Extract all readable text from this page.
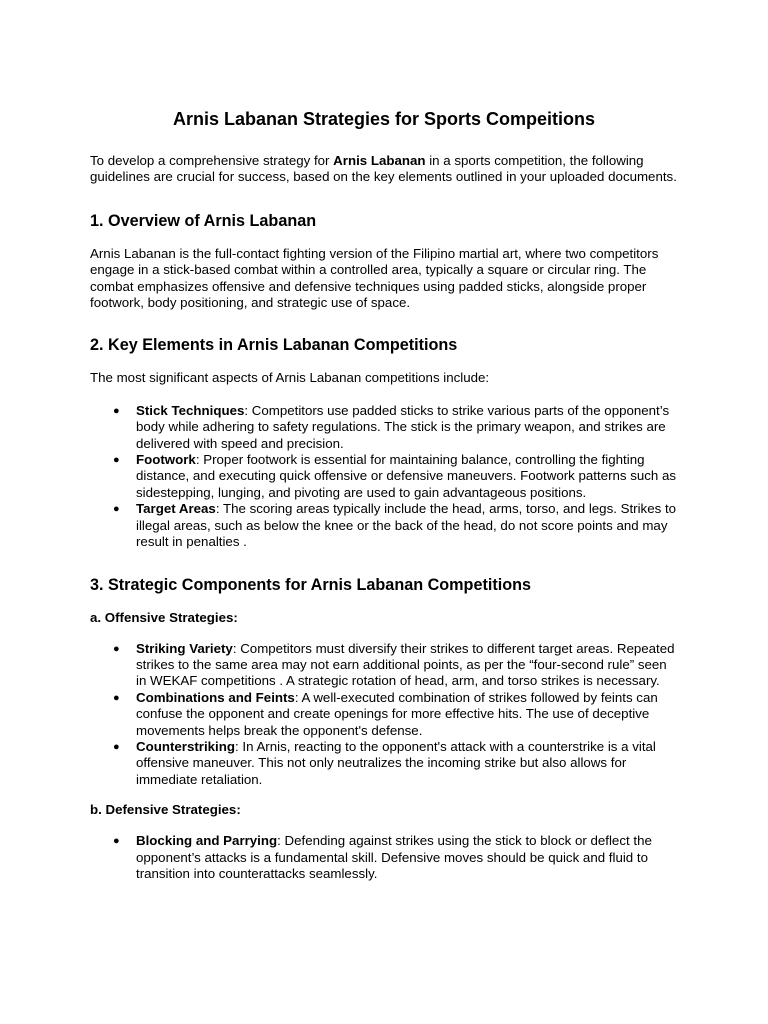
Arnis Labanan Strategies for Sports Compeitions

To develop a comprehensive strategy for Arnis Labanan in a sports competition, the following guidelines are crucial for success, based on the key elements outlined in your uploaded documents.

1. Overview of Arnis Labanan

Arnis Labanan is the full-contact fighting version of the Filipino martial art, where two competitors engage in a stick-based combat within a controlled area, typically a square or circular ring. The combat emphasizes offensive and defensive techniques using padded sticks, alongside proper footwork, body positioning, and strategic use of space.

2. Key Elements in Arnis Labanan Competitions

The most significant aspects of Arnis Labanan competitions include:

● Stick Techniques: Competitors use padded sticks to strike various parts of the opponent’s body while adhering to safety regulations. The stick is the primary weapon, and strikes are delivered with speed and precision.
● Footwork: Proper footwork is essential for maintaining balance, controlling the fighting distance, and executing quick offensive or defensive maneuvers. Footwork patterns such as sidestepping, lunging, and pivoting are used to gain advantageous positions.
● Target Areas: The scoring areas typically include the head, arms, torso, and legs. Strikes to illegal areas, such as below the knee or the back of the head, do not score points and may result in penalties .
3. Strategic Components for Arnis Labanan Competitions
a. Offensive Strategies:
● Striking Variety: Competitors must diversify their strikes to different target areas. Repeated strikes to the same area may not earn additional points, as per the “four-second rule” seen in WEKAF competitions . A strategic rotation of head, arm, and torso strikes is necessary.
● Combinations and Feints: A well-executed combination of strikes followed by feints can confuse the opponent and create openings for more effective hits. The use of deceptive movements helps break the opponent's defense.
● Counterstriking: In Arnis, reacting to the opponent's attack with a counterstrike is a vital offensive maneuver. This not only neutralizes the incoming strike but also allows for immediate retaliation.
b. Defensive Strategies:
● Blocking and Parrying: Defending against strikes using the stick to block or deflect the opponent’s attacks is a fundamental skill. Defensive moves should be quick and fluid to transition into counterattacks seamlessly.
